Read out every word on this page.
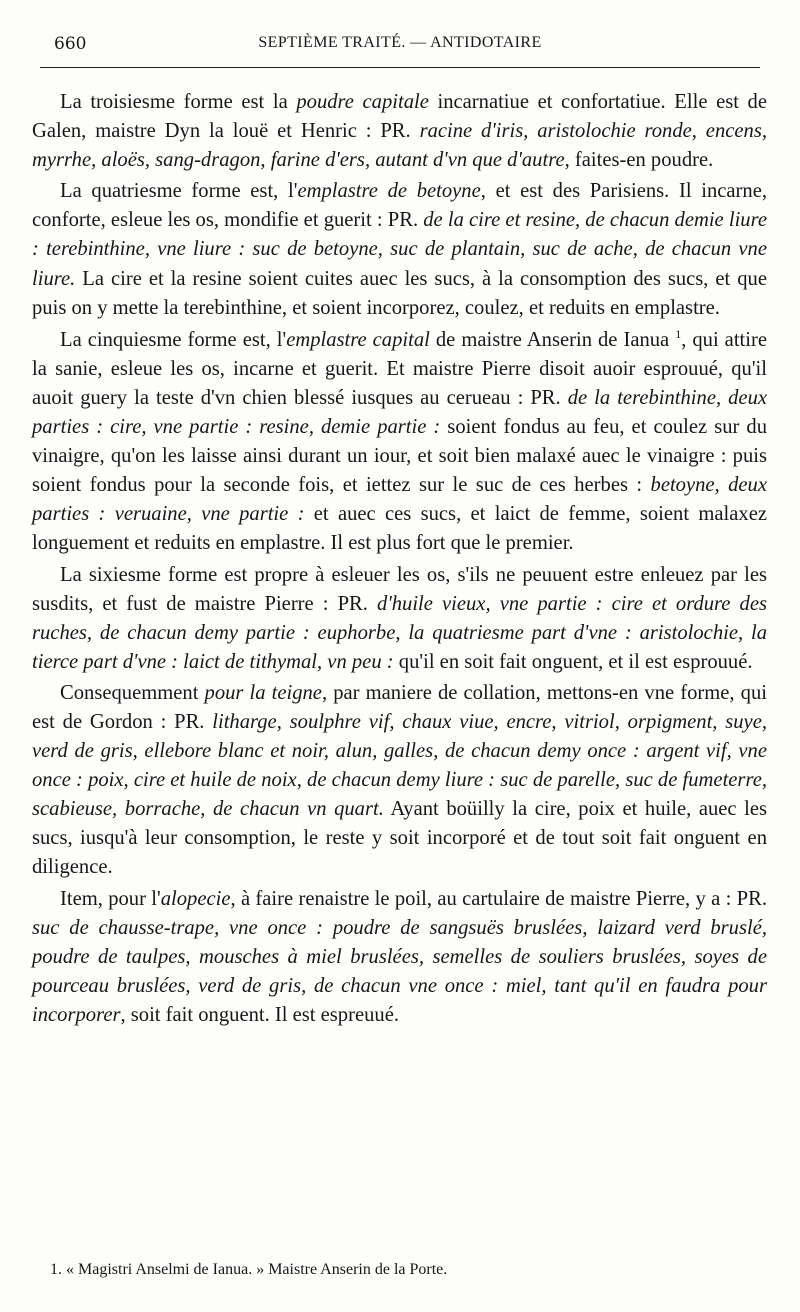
660	SEPTIÈME TRAITÉ. — ANTIDOTAIRE

La troisiesme forme est la poudre capitale incarnatiue et confortatiue. Elle est de Galen, maistre Dyn la louë et Henric : PR. racine d'iris, aristolochie ronde, encens, myrrhe, aloës, sang-dragon, farine d'ers, autant d'vn que d'autre, faites-en poudre.

La quatriesme forme est, l'emplastre de betoyne, et est des Parisiens. Il incarne, conforte, esleue les os, mondifie et guerit : PR. de la cire et resine, de chacun demie liure : terebinthine, vne liure : suc de betoyne, suc de plantain, suc de ache, de chacun vne liure. La cire et la resine soient cuites auec les sucs, à la consomption des sucs, et que puis on y mette la terebinthine, et soient incorporez, coulez, et reduits en emplastre.

La cinquiesme forme est, l'emplastre capital de maistre Anserin de Ianua $^1$, qui attire la sanie, esleue les os, incarne et guerit. Et maistre Pierre disoit auoir esprouué, qu'il auoit guery la teste d'vn chien blessé iusques au cerueau : PR. de la terebinthine, deux parties : cire, vne partie : resine, demie partie : soient fondus au feu, et coulez sur du vinaigre, qu'on les laisse ainsi durant un iour, et soit bien malaxé auec le vinaigre : puis soient fondus pour la seconde fois, et iettez sur le suc de ces herbes : betoyne, deux parties : veruaine, vne partie : et auec ces sucs, et laict de femme, soient malaxez longuement et reduits en emplastre. Il est plus fort que le premier.

La sixiesme forme est propre à esleuer les os, s'ils ne peuuent estre enleuez par les susdits, et fust de maistre Pierre : PR. d'huile vieux, vne partie : cire et ordure des ruches, de chacun demy partie : euphorbe, la quatriesme part d'vne : aristolochie, la tierce part d'vne : laict de tithymal, vn peu : qu'il en soit fait onguent, et il est esprouué.

Consequemment pour la teigne, par maniere de collation, mettons-en vne forme, qui est de Gordon : PR. litharge, soulphre vif, chaux viue, encre, vitriol, orpigment, suye, verd de gris, ellebore blanc et noir, alun, galles, de chacun demy once : argent vif, vne once : poix, cire et huile de noix, de chacun demy liure : suc de parelle, suc de fumeterre, scabieuse, borrache, de chacun vn quart. Ayant boüilly la cire, poix et huile, auec les sucs, iusqu'à leur consomption, le reste y soit incorporé et de tout soit fait onguent en diligence.

Item, pour l'alopecie, à faire renaistre le poil, au cartulaire de maistre Pierre, y a : PR. suc de chausse-trape, vne once : poudre de sangsuës bruslées, laizard verd bruslé, poudre de taulpes, mousches à miel bruslées, semelles de souliers bruslées, soyes de pourceau bruslées, verd de gris, de chacun vne once : miel, tant qu'il en faudra pour incorporer, soit fait onguent. Il est espreuué.

1. « Magistri Anselmi de Ianua. » Maistre Anserin de la Porte.
